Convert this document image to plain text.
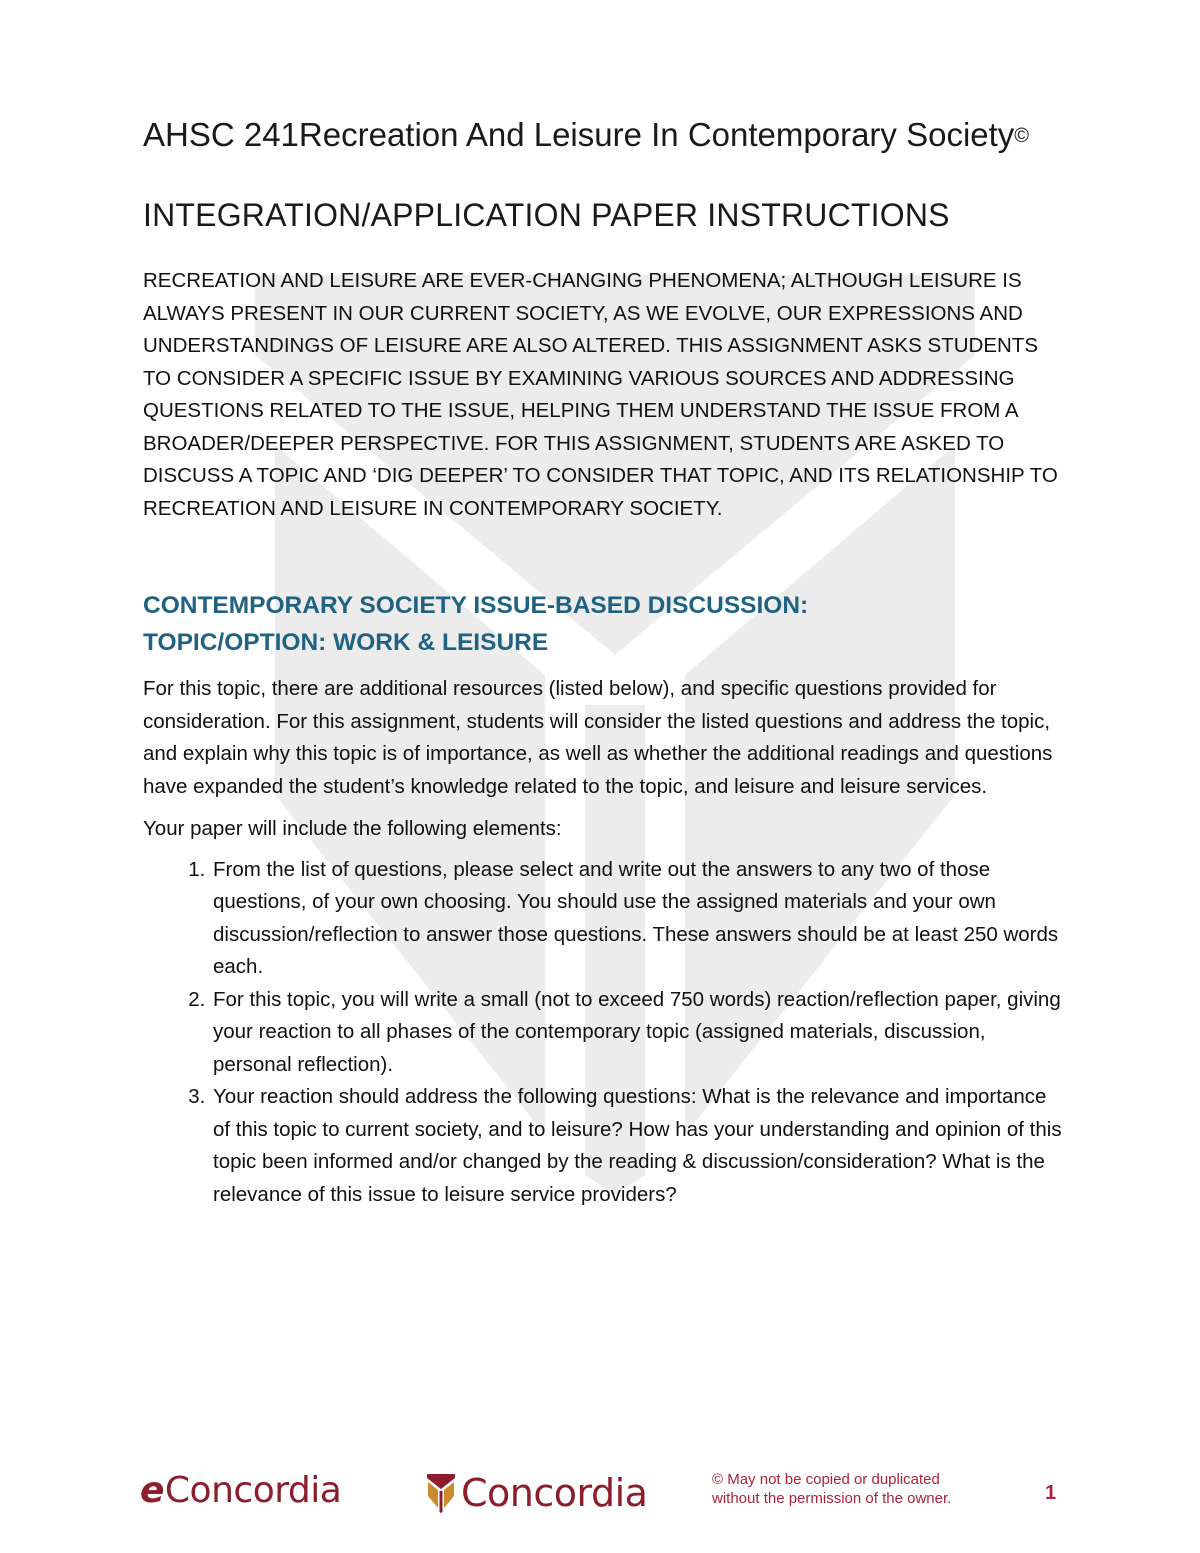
AHSC 241Recreation And Leisure In Contemporary Society©
INTEGRATION/APPLICATION PAPER INSTRUCTIONS

RECREATION AND LEISURE ARE EVER-CHANGING PHENOMENA; ALTHOUGH LEISURE IS ALWAYS PRESENT IN OUR CURRENT SOCIETY, AS WE EVOLVE, OUR EXPRESSIONS AND UNDERSTANDINGS OF LEISURE ARE ALSO ALTERED. THIS ASSIGNMENT ASKS STUDENTS TO CONSIDER A SPECIFIC ISSUE BY EXAMINING VARIOUS SOURCES AND ADDRESSING QUESTIONS RELATED TO THE ISSUE, HELPING THEM UNDERSTAND THE ISSUE FROM A BROADER/DEEPER PERSPECTIVE. FOR THIS ASSIGNMENT, STUDENTS ARE ASKED TO DISCUSS A TOPIC AND ‘DIG DEEPER’ TO CONSIDER THAT TOPIC, AND ITS RELATIONSHIP TO RECREATION AND LEISURE IN CONTEMPORARY SOCIETY.

CONTEMPORARY SOCIETY ISSUE-BASED DISCUSSION:
TOPIC/OPTION: WORK & LEISURE

For this topic, there are additional resources (listed below), and specific questions provided for consideration. For this assignment, students will consider the listed questions and address the topic, and explain why this topic is of importance, as well as whether the additional readings and questions have expanded the student’s knowledge related to the topic, and leisure and leisure services.

Your paper will include the following elements:

1. From the list of questions, please select and write out the answers to any two of those questions, of your own choosing. You should use the assigned materials and your own discussion/reflection to answer those questions. These answers should be at least 250 words each.
2. For this topic, you will write a small (not to exceed 750 words) reaction/reflection paper, giving your reaction to all phases of the contemporary topic (assigned materials, discussion, personal reflection).
3. Your reaction should address the following questions: What is the relevance and importance of this topic to current society, and to leisure? How has your understanding and opinion of this topic been informed and/or changed by the reading & discussion/consideration? What is the relevance of this issue to leisure service providers?
eConcordia	Concordia	© May not be copied or duplicated
without the permission of the owner.	1
